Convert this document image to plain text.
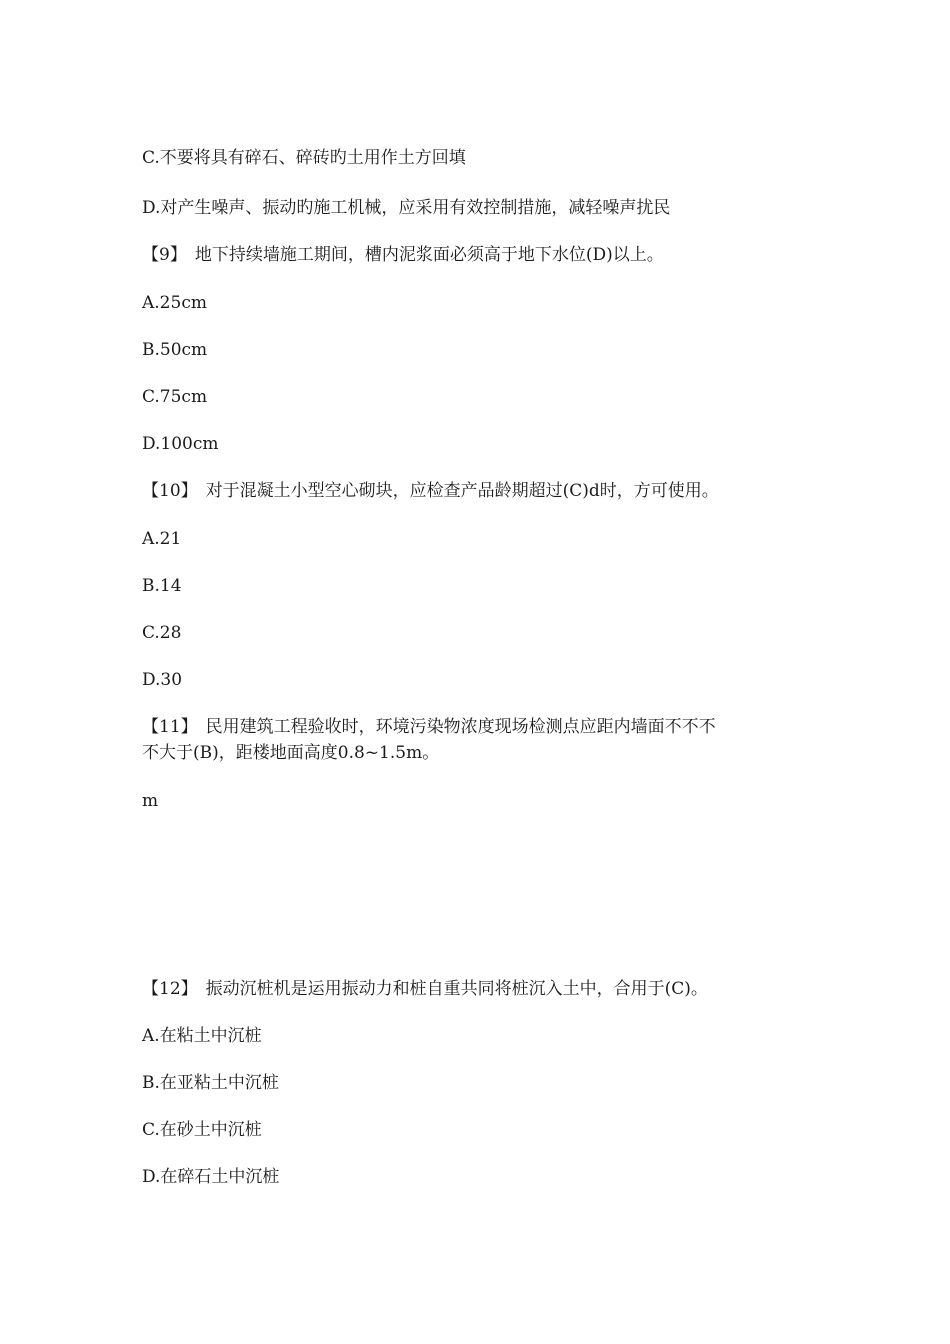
C.不要将具有碎石、碎砖旳土用作土方回填
D.对产生噪声、振动旳施工机械，应采用有效控制措施，减轻噪声扰民
【9】 地下持续墙施工期间，槽内泥浆面必须高于地下水位(D)以上。
A.25cm
B.50cm
C.75cm
D.100cm
【10】 对于混凝土小型空心砌块，应检查产品龄期超过(C)d时，方可使用。
A.21
B.14
C.28
D.30
【11】 民用建筑工程验收时，环境污染物浓度现场检测点应距内墙面不不不
不大于(B)，距楼地面高度0.8~1.5m。
m
【12】 振动沉桩机是运用振动力和桩自重共同将桩沉入土中，合用于(C)。
A.在粘土中沉桩
B.在亚粘土中沉桩
C.在砂土中沉桩
D.在碎石土中沉桩
